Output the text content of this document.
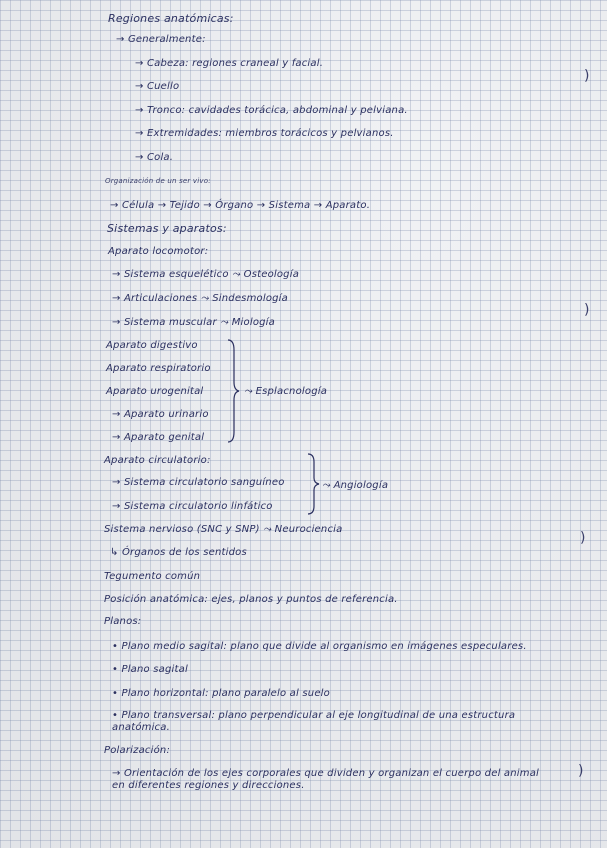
Regiones anatómicas:
→ Generalmente:
→ Cabeza: regiones craneal y facial.
→ Cuello
→ Tronco: cavidades torácica, abdominal y pelviana.
→ Extremidades: miembros torácicos y pelvianos.
→ Cola.
Organización de un ser vivo:
→ Célula → Tejido → Órgano → Sistema → Aparato.
Sistemas y aparatos:
Aparato locomotor:
→ Sistema esquelético ⤳ Osteología
→ Articulaciones ⤳ Sindesmología
→ Sistema muscular ⤳ Miología
Aparato digestivo
Aparato respiratorio
Aparato urogenital
→ Aparato urinario
→ Aparato genital
⤳ Esplacnología
Aparato circulatorio:
→ Sistema circulatorio sanguíneo
→ Sistema circulatorio linfático
⤳ Angiología
Sistema nervioso (SNC y SNP) ⤳ Neurociencia
↳ Órganos de los sentidos
Tegumento común
Posición anatómica: ejes, planos y puntos de referencia.
Planos:
• Plano medio sagital: plano que divide al organismo en imágenes especulares.
• Plano sagital
• Plano horizontal: plano paralelo al suelo
• Plano transversal: plano perpendicular al eje longitudinal de una estructura anatómica.
Polarización:
→ Orientación de los ejes corporales que dividen y organizan el cuerpo del animal en diferentes regiones y direcciones.
)
)
)
)
